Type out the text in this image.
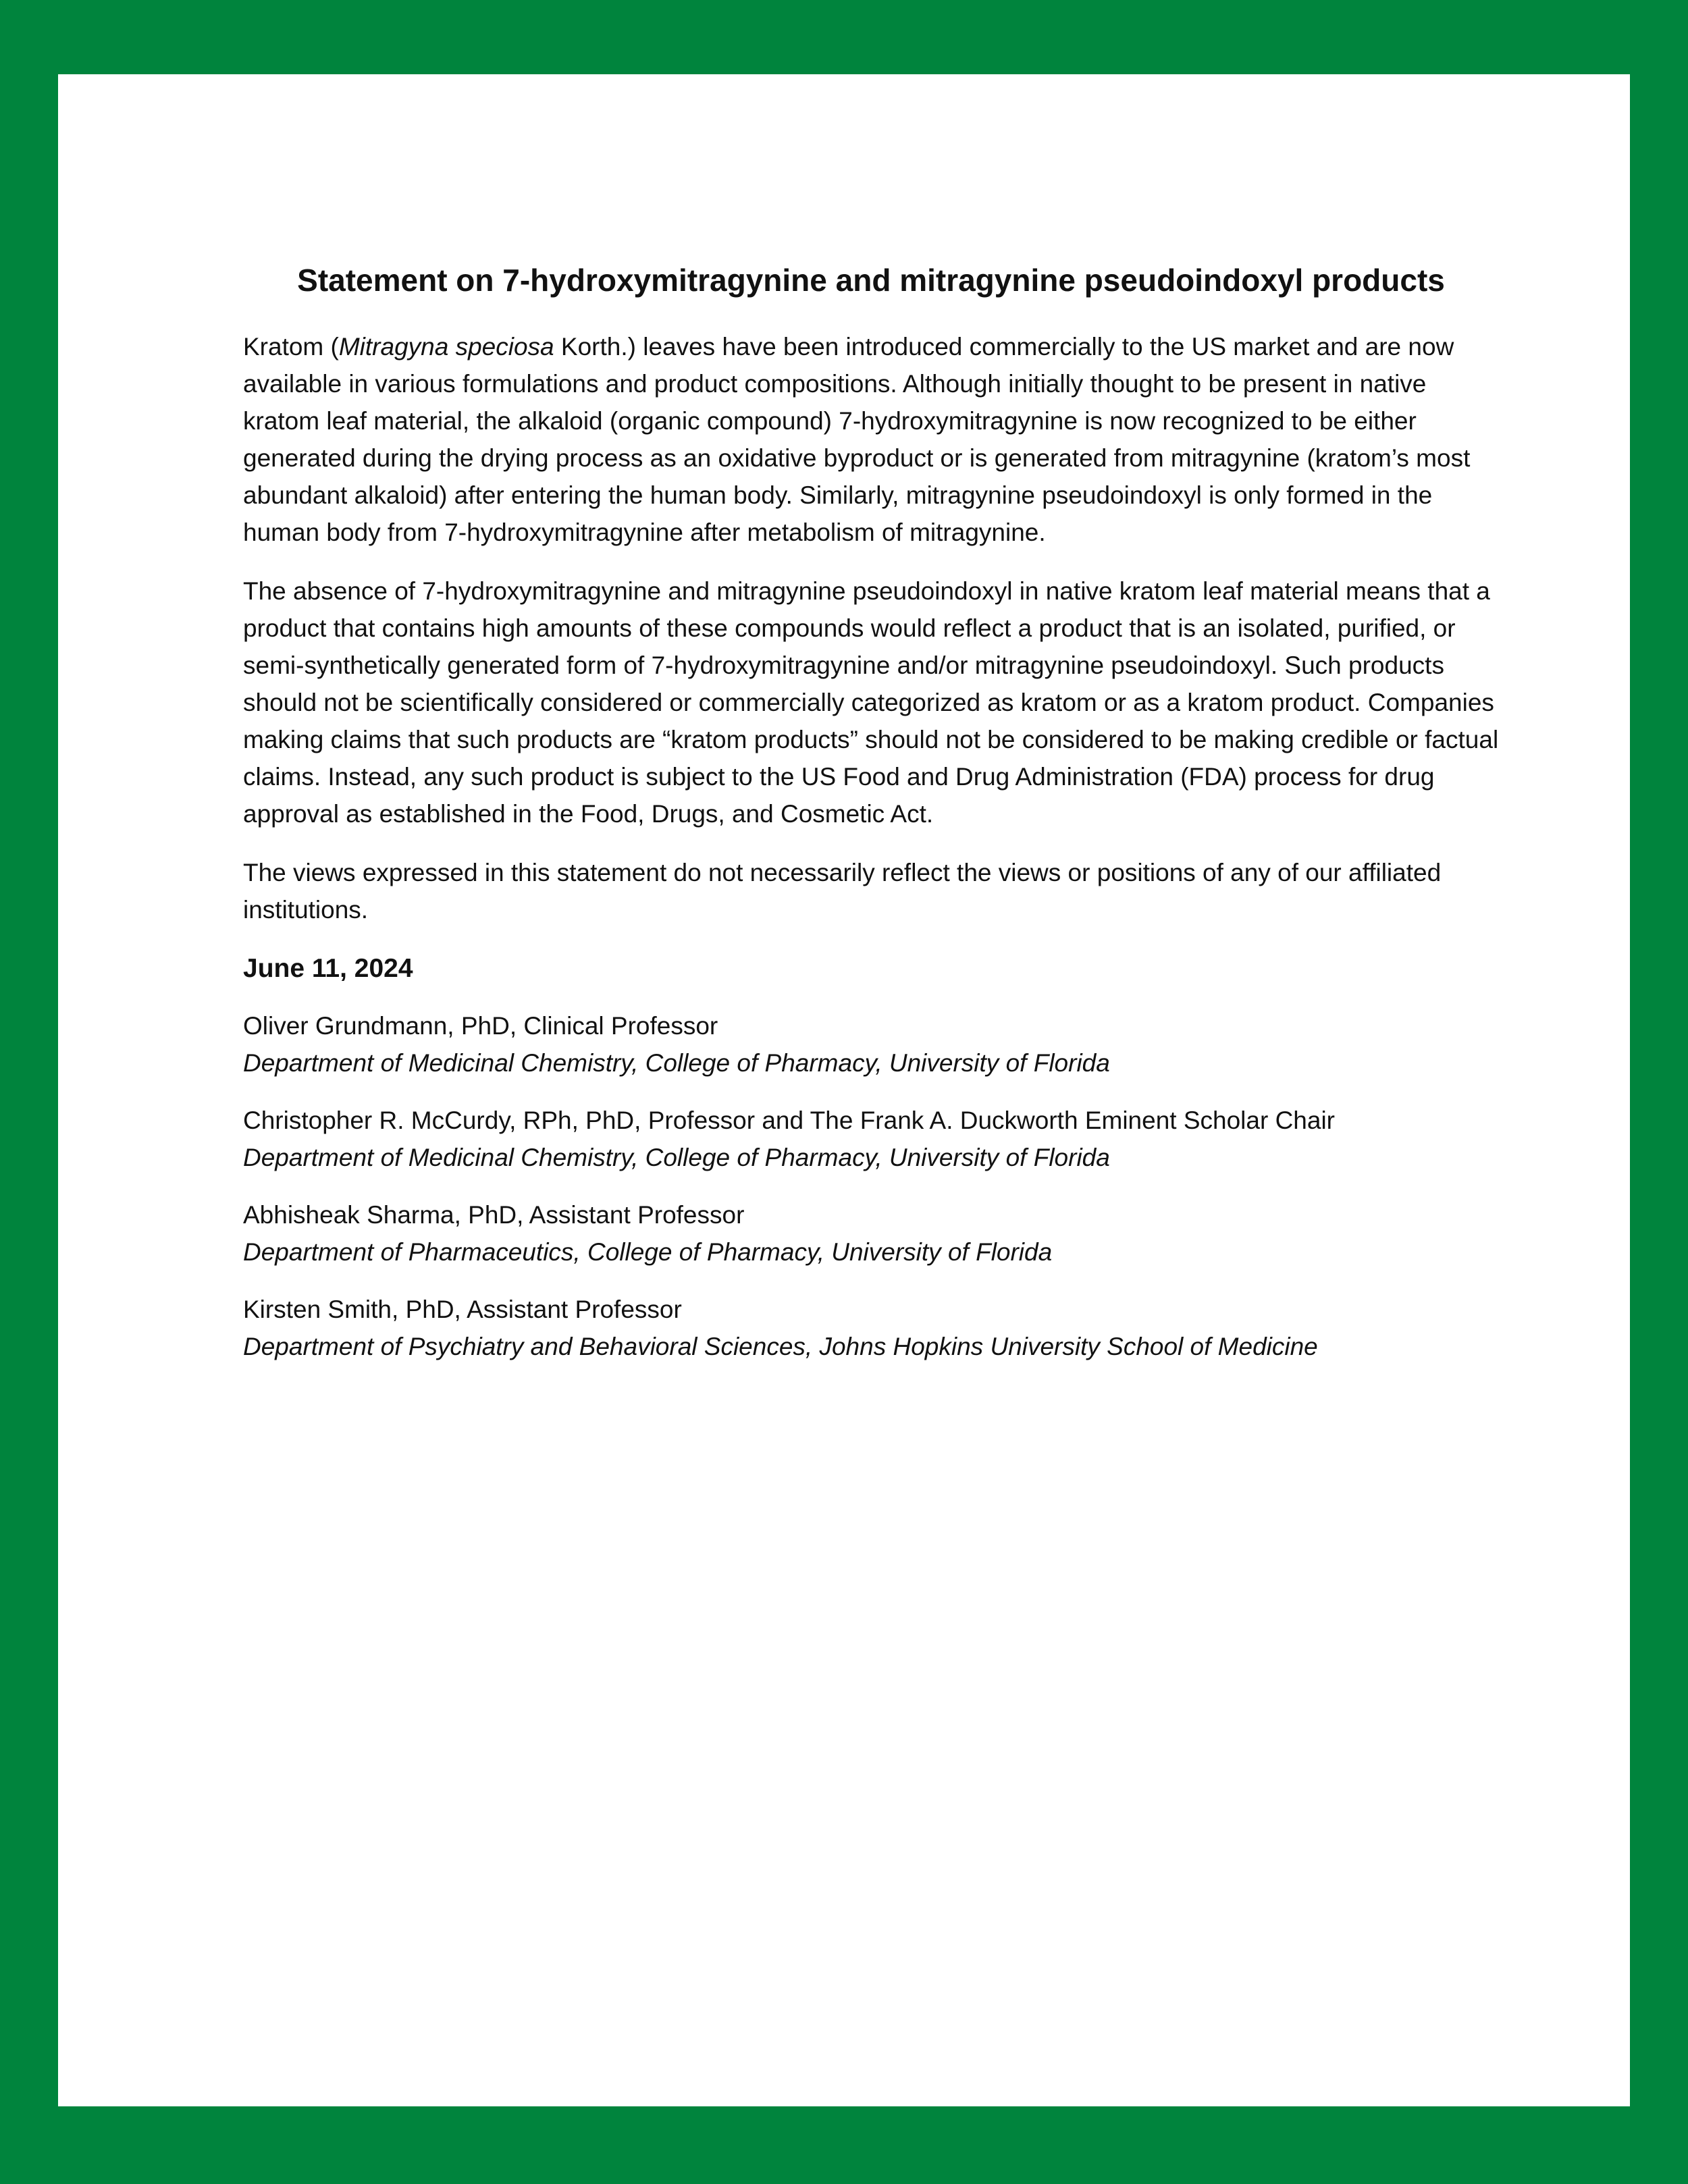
Statement on 7-hydroxymitragynine and mitragynine pseudoindoxyl products

Kratom (Mitragyna speciosa Korth.) leaves have been introduced commercially to the US market and are now available in various formulations and product compositions. Although initially thought to be present in native kratom leaf material, the alkaloid (organic compound) 7-hydroxymitragynine is now recognized to be either generated during the drying process as an oxidative byproduct or is generated from mitragynine (kratom’s most abundant alkaloid) after entering the human body. Similarly, mitragynine pseudoindoxyl is only formed in the human body from 7-hydroxymitragynine after metabolism of mitragynine.

The absence of 7-hydroxymitragynine and mitragynine pseudoindoxyl in native kratom leaf material means that a product that contains high amounts of these compounds would reflect a product that is an isolated, purified, or semi-synthetically generated form of 7-hydroxymitragynine and/or mitragynine pseudoindoxyl. Such products should not be scientifically considered or commercially categorized as kratom or as a kratom product. Companies making claims that such products are “kratom products” should not be considered to be making credible or factual claims. Instead, any such product is subject to the US Food and Drug Administration (FDA) process for drug approval as established in the Food, Drugs, and Cosmetic Act.

The views expressed in this statement do not necessarily reflect the views or positions of any of our affiliated institutions.

June 11, 2024

Oliver Grundmann, PhD, Clinical Professor
Department of Medicinal Chemistry, College of Pharmacy, University of Florida
Christopher R. McCurdy, RPh, PhD, Professor and The Frank A. Duckworth Eminent Scholar Chair
Department of Medicinal Chemistry, College of Pharmacy, University of Florida
Abhisheak Sharma, PhD, Assistant Professor
Department of Pharmaceutics, College of Pharmacy, University of Florida
Kirsten Smith, PhD, Assistant Professor
Department of Psychiatry and Behavioral Sciences, Johns Hopkins University School of Medicine
